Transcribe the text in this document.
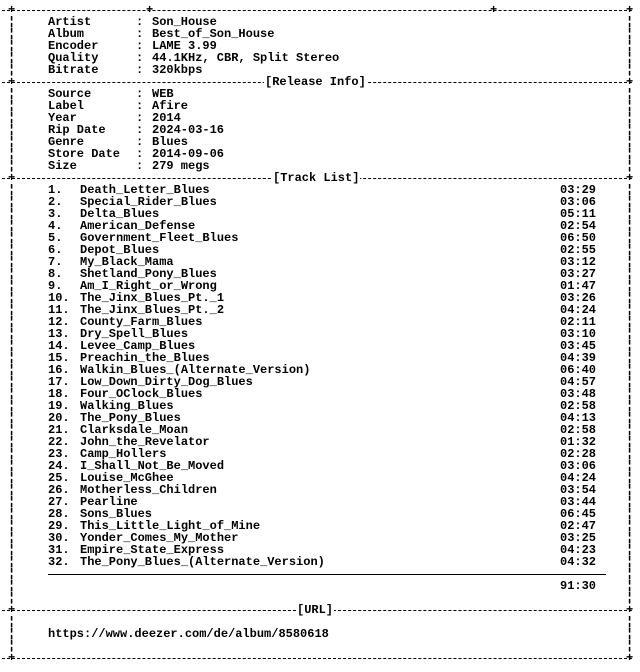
+	+	+	+
¦	¦
Artist	: Son_House
¦	¦
Album	: Best_of_Son_House
¦	¦
Encoder	: LAME 3.99
¦	¦
Quality	: 44.1KHz, CBR, Split Stereo
¦	¦
Bitrate	: 320kbps
+	+
[Release Info]
¦	¦
Source	: WEB
¦	¦
Label	: Afire
¦	¦
Year	: 2014
¦	¦
Rip Date	: 2024-03-16
¦	¦
Genre	: Blues
¦	¦
Store Date : 2014-09-06
¦	¦
Size	: 279 megs
+	+
[Track List]
¦	¦
1. Death_Letter_Blues	03:29
¦	¦
2. Special_Rider_Blues	03:06
¦	¦
3. Delta_Blues	05:11
¦	¦
4. American_Defense	02:54
¦	¦
5. Government_Fleet_Blues	06:50
¦	¦
6. Depot_Blues	02:55
¦	¦
7. My_Black_Mama	03:12
¦	¦
8. Shetland_Pony_Blues	03:27
¦	¦
9. Am_I_Right_or_Wrong	01:47
¦	¦
10. The_Jinx_Blues_Pt._1	03:26
¦	¦
11. The_Jinx_Blues_Pt._2	04:24
¦	¦
12. County_Farm_Blues	02:11
¦	¦
13. Dry_Spell_Blues	03:10
¦	¦
14. Levee_Camp_Blues	03:45
¦	¦
15. Preachin_the_Blues	04:39
¦	¦
16. Walkin_Blues_(Alternate_Version)	06:40
¦	¦
17. Low_Down_Dirty_Dog_Blues	04:57
¦	¦
18. Four_OClock_Blues	03:48
¦	¦
19. Walking_Blues	02:58
¦	¦
20. The_Pony_Blues	04:13
¦	¦
21. Clarksdale_Moan	02:58
¦	¦
22. John_the_Revelator	01:32
¦	¦
23. Camp_Hollers	02:28
¦	¦
24. I_Shall_Not_Be_Moved	03:06
¦	¦
25. Louise_McGhee	04:24
¦	¦
26. Motherless_Children	03:54
¦	¦
27. Pearline	03:44
¦	¦
28. Sons_Blues	06:45
¦	¦
29. This_Little_Light_of_Mine	02:47
¦	¦
30. Yonder_Comes_My_Mother	03:25
¦	¦
31. Empire_State_Express	04:23
¦	¦
32. The_Pony_Blues_(Alternate_Version)	04:32
¦	¦
¦	¦
91:30
¦	¦
+	+
[URL]
¦	¦
¦	¦
https://www.deezer.com/de/album/8580618
¦	¦
+	+
